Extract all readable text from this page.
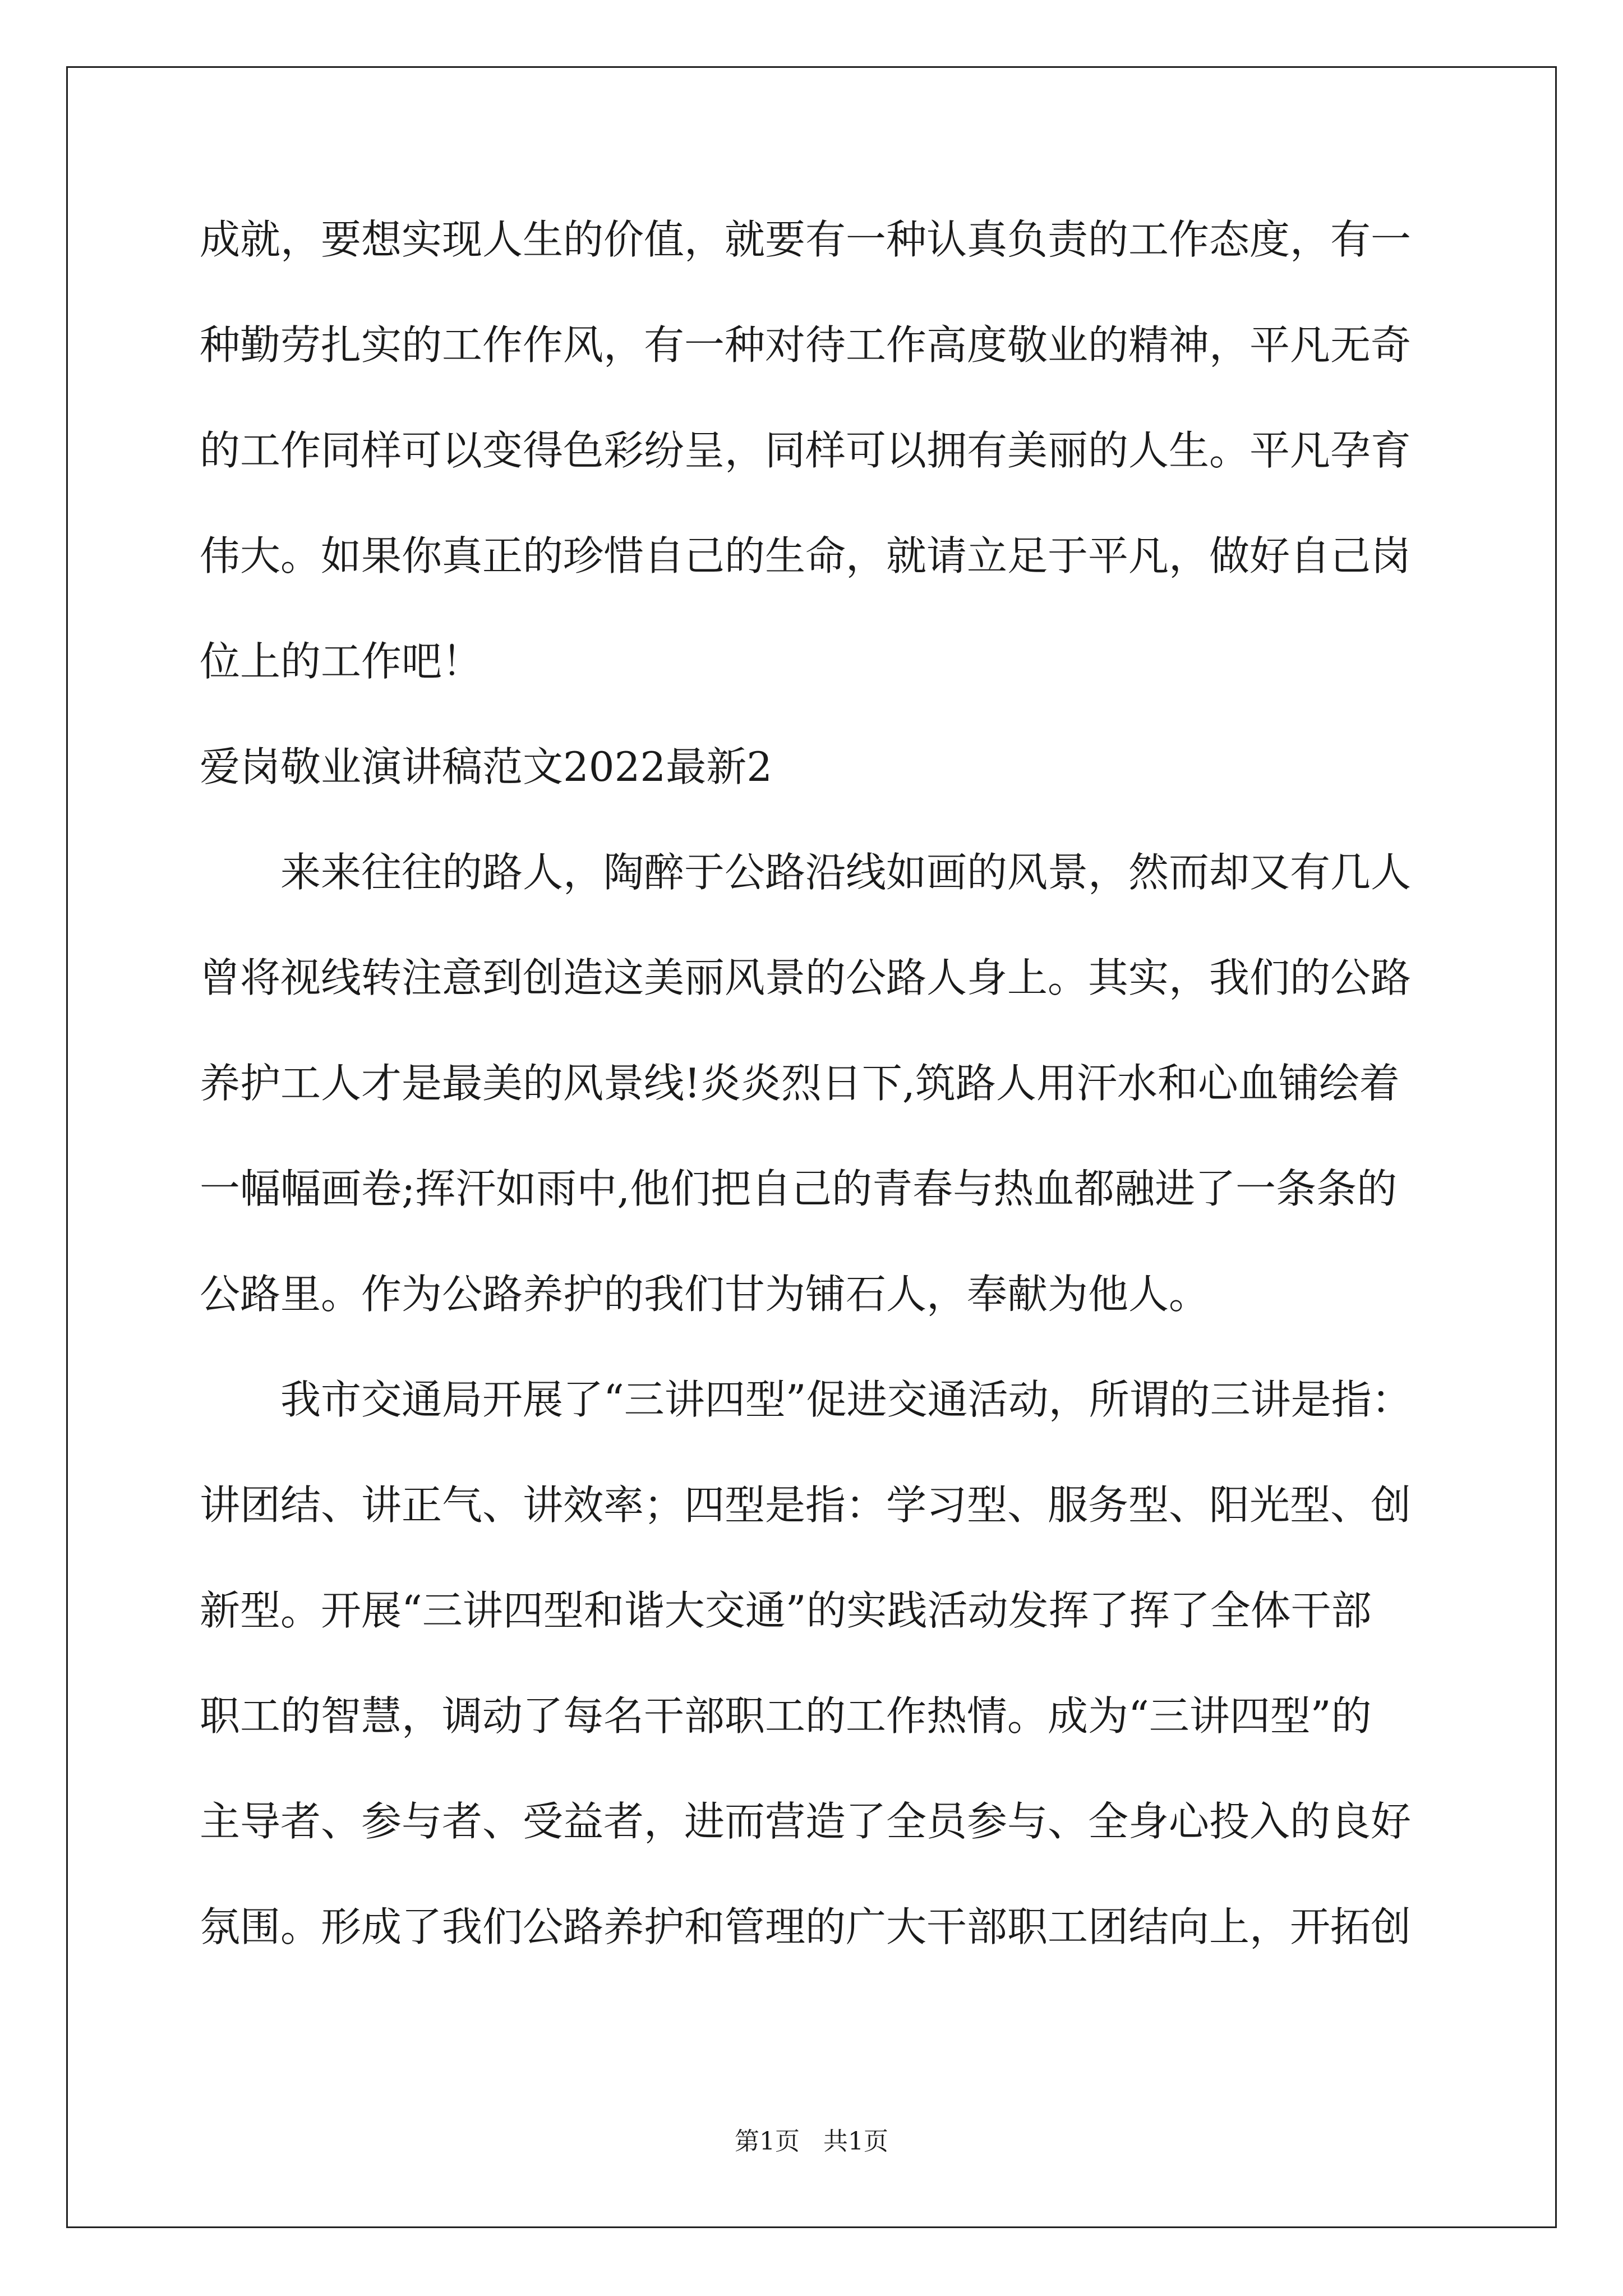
成就，要想实现人生的价值，就要有一种认真负责的工作态度，有一
种勤劳扎实的工作作风，有一种对待工作高度敬业的精神，平凡无奇
的工作同样可以变得色彩纷呈，同样可以拥有美丽的人生。平凡孕育
伟大。如果你真正的珍惜自己的生命，就请立足于平凡，做好自己岗
位上的工作吧！
爱岗敬业演讲稿范文2022最新2
来来往往的路人，陶醉于公路沿线如画的风景，然而却又有几人
曾将视线转注意到创造这美丽风景的公路人身上。其实，我们的公路
养护工人才是最美的风景线!炎炎烈日下,筑路人用汗水和心血铺绘着
一幅幅画卷;挥汗如雨中,他们把自己的青春与热血都融进了一条条的
公路里。作为公路养护的我们甘为铺石人，奉献为他人。
我市交通局开展了“三讲四型”促进交通活动，所谓的三讲是指：
讲团结、讲正气、讲效率；四型是指：学习型、服务型、阳光型、创
新型。开展“三讲四型和谐大交通”的实践活动发挥了挥了全体干部
职工的智慧，调动了每名干部职工的工作热情。成为“三讲四型”的
主导者、参与者、受益者，进而营造了全员参与、全身心投入的良好
氛围。形成了我们公路养护和管理的广大干部职工团结向上，开拓创
第1页   共1页
